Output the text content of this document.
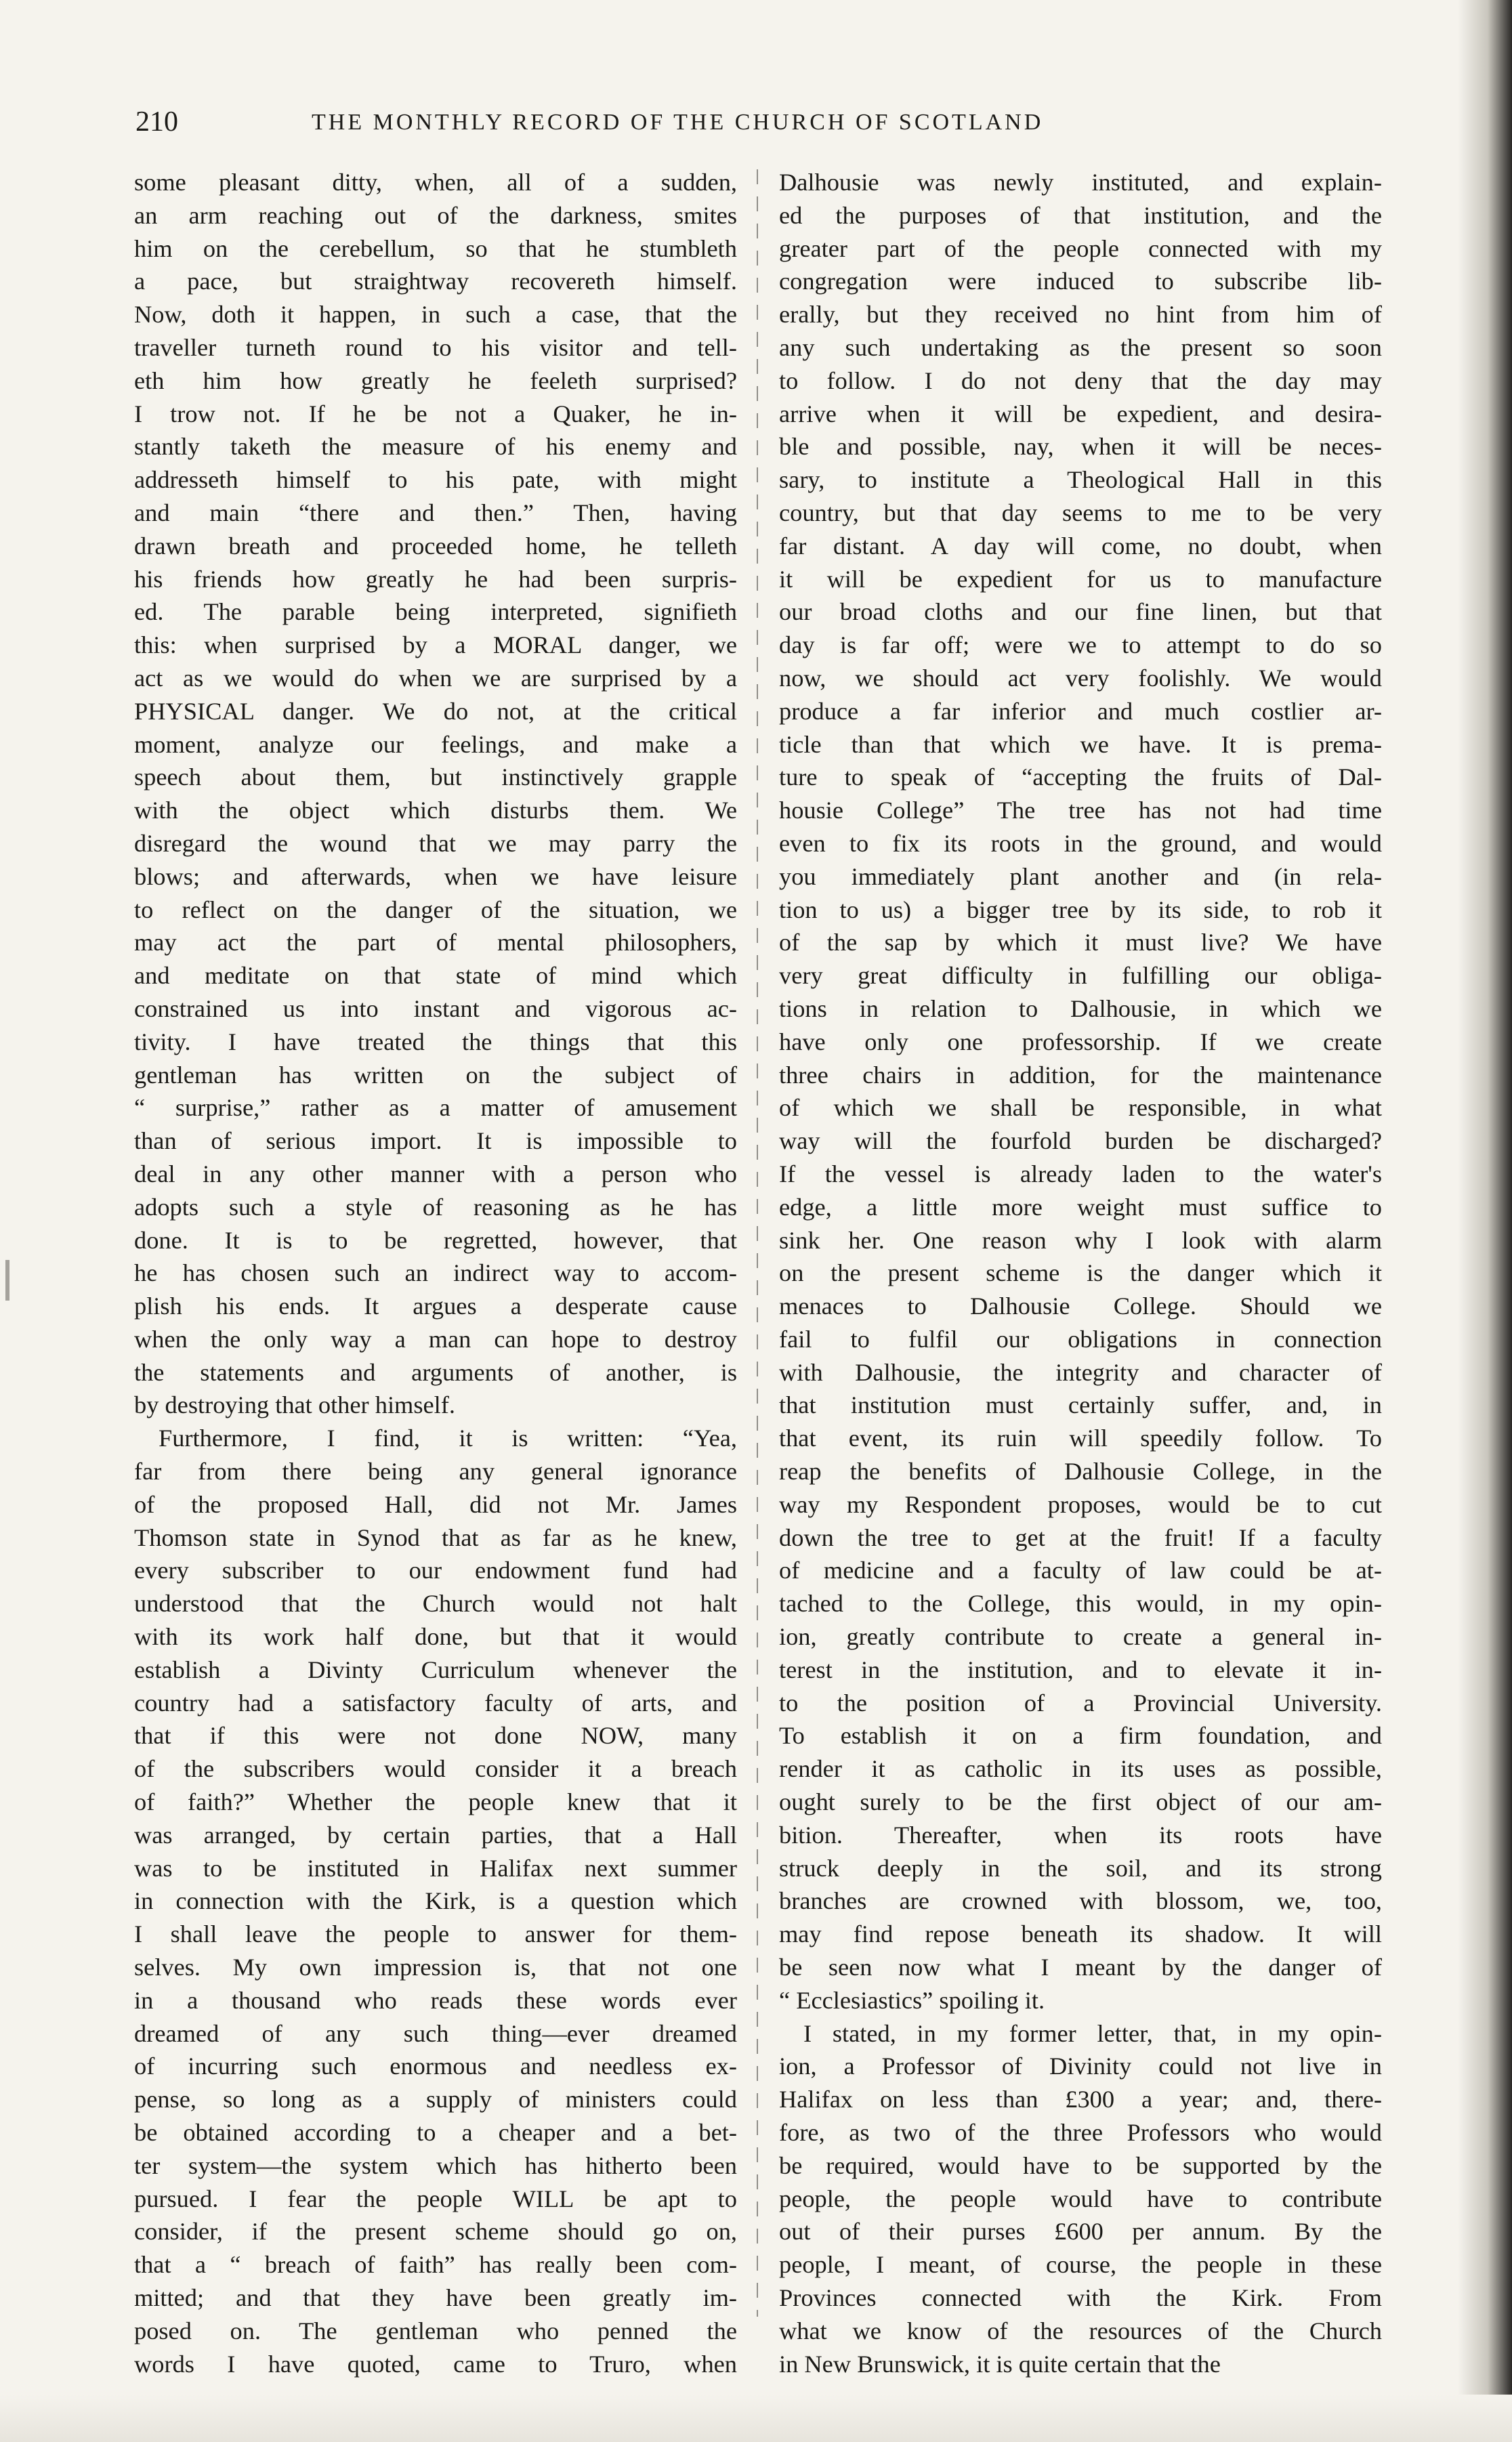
210	THE MONTHLY RECORD OF THE CHURCH OF SCOTLAND
some pleasant ditty, when, all of a sudden,
an arm reaching out of the darkness, smites
him on the cerebellum, so that he stumbleth
a pace, but straightway recovereth himself.
Now, doth it happen, in such a case, that the
traveller turneth round to his visitor and tell-
eth him how greatly he feeleth surprised?
I trow not. If he be not a Quaker, he in-
stantly taketh the measure of his enemy and
addresseth himself to his pate, with might
and main “there and then.” Then, having
drawn breath and proceeded home, he telleth
his friends how greatly he had been surpris-
ed. The parable being interpreted, signifieth
this: when surprised by a MORAL danger, we
act as we would do when we are surprised by a
PHYSICAL danger. We do not, at the critical
moment, analyze our feelings, and make a
speech about them, but instinctively grapple
with the object which disturbs them. We
disregard the wound that we may parry the
blows; and afterwards, when we have leisure
to reflect on the danger of the situation, we
may act the part of mental philosophers,
and meditate on that state of mind which
constrained us into instant and vigorous ac-
tivity. I have treated the things that this
gentleman has written on the subject of
“ surprise,” rather as a matter of amusement
than of serious import. It is impossible to
deal in any other manner with a person who
adopts such a style of reasoning as he has
done. It is to be regretted, however, that
he has chosen such an indirect way to accom-
plish his ends. It argues a desperate cause
when the only way a man can hope to destroy
the statements and arguments of another, is
by destroying that other himself.
Furthermore, I find, it is written: “Yea,
far from there being any general ignorance
of the proposed Hall, did not Mr. James
Thomson state in Synod that as far as he knew,
every subscriber to our endowment fund had
understood that the Church would not halt
with its work half done, but that it would
establish a Divinty Curriculum whenever the
country had a satisfactory faculty of arts, and
that if this were not done NOW, many
of the subscribers would consider it a breach
of faith?” Whether the people knew that it
was arranged, by certain parties, that a Hall
was to be instituted in Halifax next summer
in connection with the Kirk, is a question which
I shall leave the people to answer for them-
selves. My own impression is, that not one
in a thousand who reads these words ever
dreamed of any such thing—ever dreamed
of incurring such enormous and needless ex-
pense, so long as a supply of ministers could
be obtained according to a cheaper and a bet-
ter system—the system which has hitherto been
pursued. I fear the people WILL be apt to
consider, if the present scheme should go on,
that a “ breach of faith” has really been com-
mitted; and that they have been greatly im-
posed on. The gentleman who penned the
words I have quoted, came to Truro, when
Dalhousie was newly instituted, and explain-
ed the purposes of that institution, and the
greater part of the people connected with my
congregation were induced to subscribe lib-
erally, but they received no hint from him of
any such undertaking as the present so soon
to follow. I do not deny that the day may
arrive when it will be expedient, and desira-
ble and possible, nay, when it will be neces-
sary, to institute a Theological Hall in this
country, but that day seems to me to be very
far distant. A day will come, no doubt, when
it will be expedient for us to manufacture
our broad cloths and our fine linen, but that
day is far off; were we to attempt to do so
now, we should act very foolishly. We would
produce a far inferior and much costlier ar-
ticle than that which we have. It is prema-
ture to speak of “accepting the fruits of Dal-
housie College” The tree has not had time
even to fix its roots in the ground, and would
you immediately plant another and (in rela-
tion to us) a bigger tree by its side, to rob it
of the sap by which it must live? We have
very great difficulty in fulfilling our obliga-
tions in relation to Dalhousie, in which we
have only one professorship. If we create
three chairs in addition, for the maintenance
of which we shall be responsible, in what
way will the fourfold burden be discharged?
If the vessel is already laden to the water's
edge, a little more weight must suffice to
sink her. One reason why I look with alarm
on the present scheme is the danger which it
menaces to Dalhousie College. Should we
fail to fulfil our obligations in connection
with Dalhousie, the integrity and character of
that institution must certainly suffer, and, in
that event, its ruin will speedily follow. To
reap the benefits of Dalhousie College, in the
way my Respondent proposes, would be to cut
down the tree to get at the fruit! If a faculty
of medicine and a faculty of law could be at-
tached to the College, this would, in my opin-
ion, greatly contribute to create a general in-
terest in the institution, and to elevate it in-
to the position of a Provincial University.
To establish it on a firm foundation, and
render it as catholic in its uses as possible,
ought surely to be the first object of our am-
bition. Thereafter, when its roots have
struck deeply in the soil, and its strong
branches are crowned with blossom, we, too,
may find repose beneath its shadow. It will
be seen now what I meant by the danger of
“ Ecclesiastics” spoiling it.
I stated, in my former letter, that, in my opin-
ion, a Professor of Divinity could not live in
Halifax on less than £300 a year; and, there-
fore, as two of the three Professors who would
be required, would have to be supported by the
people, the people would have to contribute
out of their purses £600 per annum. By the
people, I meant, of course, the people in these
Provinces connected with the Kirk. From
what we know of the resources of the Church
in New Brunswick, it is quite certain that the
